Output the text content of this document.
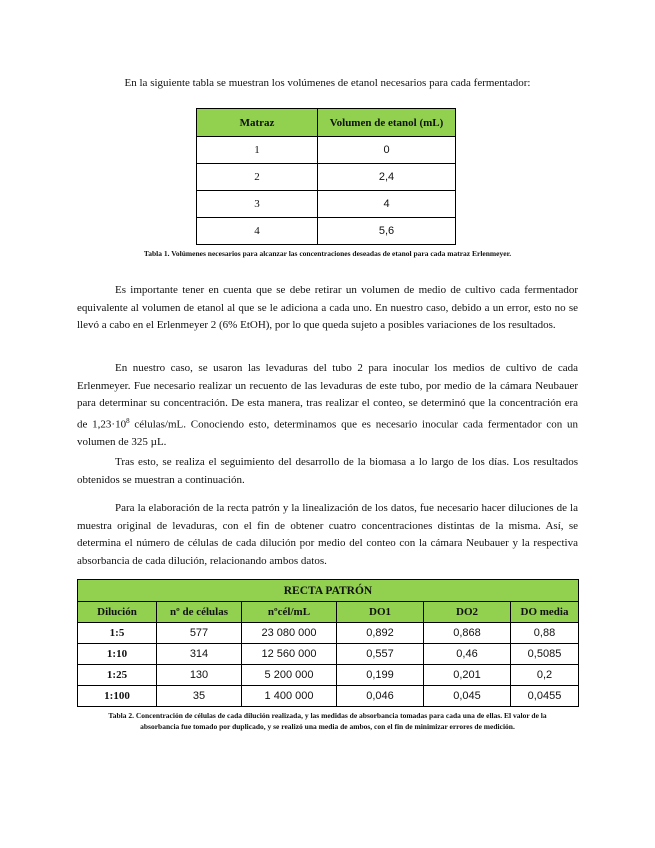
En la siguiente tabla se muestran los volúmenes de etanol necesarios para cada fermentador:

Matraz	Volumen de etanol (mL)
1	0
2	2,4
3	4
4	5,6

Tabla 1. Volúmenes necesarios para alcanzar las concentraciones deseadas de etanol para cada matraz Erlenmeyer.

Es importante tener en cuenta que se debe retirar un volumen de medio de cultivo cada fermentador equivalente al volumen de etanol al que se le adiciona a cada uno. En nuestro caso, debido a un error, esto no se llevó a cabo en el Erlenmeyer 2 (6% EtOH), por lo que queda sujeto a posibles variaciones de los resultados.

En nuestro caso, se usaron las levaduras del tubo 2 para inocular los medios de cultivo de cada Erlenmeyer. Fue necesario realizar un recuento de las levaduras de este tubo, por medio de la cámara Neubauer para determinar su concentración. De esta manera, tras realizar el conteo, se determinó que la concentración era de $1,23\cdot 10^8$ células/mL. Conociendo esto, determinamos que es necesario inocular cada fermentador con un volumen de 325 µL.

Tras esto, se realiza el seguimiento del desarrollo de la biomasa a lo largo de los días. Los resultados obtenidos se muestran a continuación.

Para la elaboración de la recta patrón y la linealización de los datos, fue necesario hacer diluciones de la muestra original de levaduras, con el fin de obtener cuatro concentraciones distintas de la misma. Así, se determina el número de células de cada dilución por medio del conteo con la cámara Neubauer y la respectiva absorbancia de cada dilución, relacionando ambos datos.

RECTA PATRÓN					
Dilución	nº de células	nºcél/mL	DO1	DO2	DO media
1:5	577	23 080 000	0,892	0,868	0,88
1:10	314	12 560 000	0,557	0,46	0,5085
1:25	130	5 200 000	0,199	0,201	0,2
1:100	35	1 400 000	0,046	0,045	0,0455

Tabla 2. Concentración de células de cada dilución realizada, y las medidas de absorbancia tomadas para cada una de ellas. El valor de la absorbancia fue tomado por duplicado, y se realizó una media de ambos, con el fin de minimizar errores de medición.
